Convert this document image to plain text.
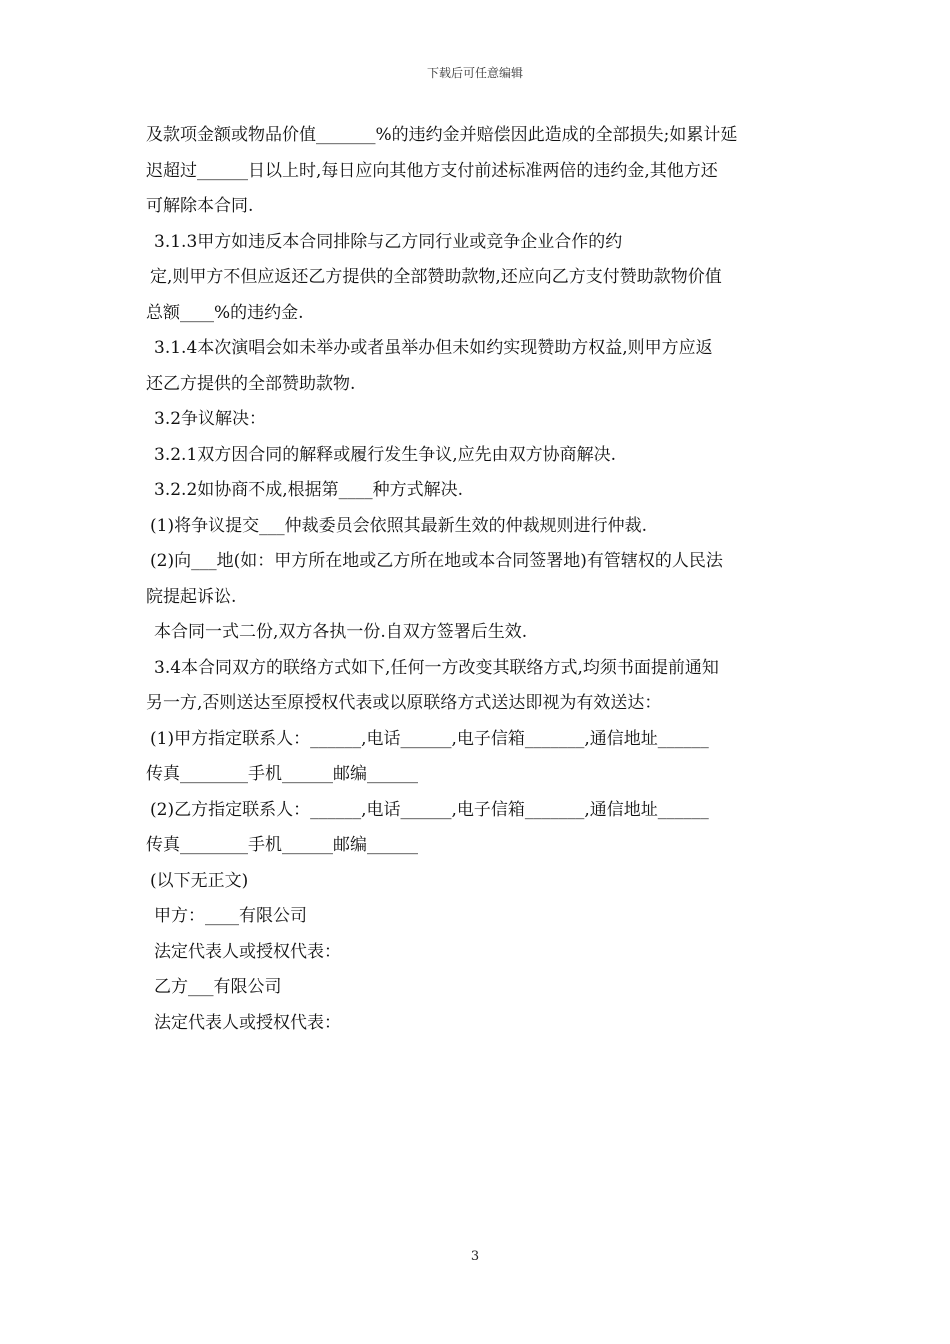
下载后可任意编辑
及款项金额或物品价值_______%的违约金并赔偿因此造成的全部损失;如累计延
迟超过______日以上时,每日应向其他方支付前述标准两倍的违约金,其他方还
可解除本合同.
3.1.3甲方如违反本合同排除与乙方同行业或竞争企业合作的约
定,则甲方不但应返还乙方提供的全部赞助款物,还应向乙方支付赞助款物价值
总额____%的违约金.
3.1.4本次演唱会如未举办或者虽举办但未如约实现赞助方权益,则甲方应返
还乙方提供的全部赞助款物.
3.2争议解决：
3.2.1双方因合同的解释或履行发生争议,应先由双方协商解决.
3.2.2如协商不成,根据第____种方式解决.
(1)将争议提交___仲裁委员会依照其最新生效的仲裁规则进行仲裁.
(2)向___地(如：甲方所在地或乙方所在地或本合同签署地)有管辖权的人民法
院提起诉讼.
本合同一式二份,双方各执一份.自双方签署后生效.
3.4本合同双方的联络方式如下,任何一方改变其联络方式,均须书面提前通知
另一方,否则送达至原授权代表或以原联络方式送达即视为有效送达：
(1)甲方指定联系人：______,电话______,电子信箱_______,通信地址______
传真________手机______邮编______
(2)乙方指定联系人：______,电话______,电子信箱_______,通信地址______
传真________手机______邮编______
(以下无正文)
甲方：____有限公司
法定代表人或授权代表：
乙方___有限公司
法定代表人或授权代表：
3
